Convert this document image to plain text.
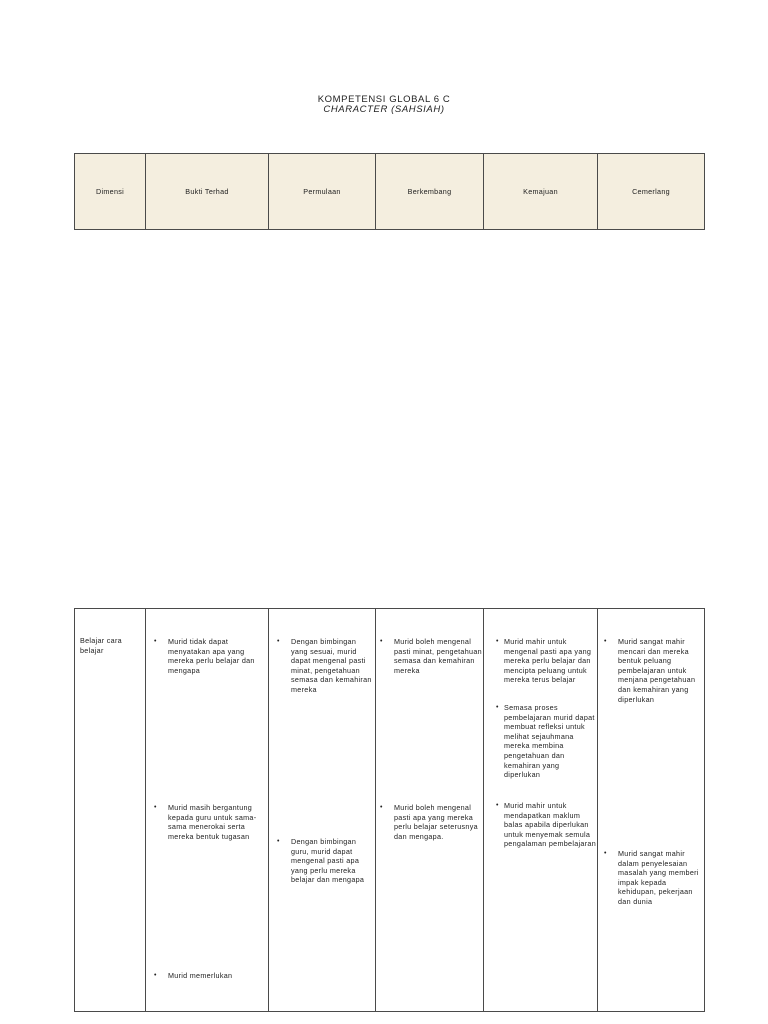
KOMPETENSI GLOBAL 6 C
CHARACTER (SAHSIAH)
Dimensi	Bukti Terhad	Permulaan	Berkembang	Kemajuan	Cemerlang
Belajar cara belajar

• Murid tidak dapat menyatakan apa yang mereka perlu belajar dan mengapa
• Murid masih bergantung kepada guru untuk sama-sama menerokai serta mereka bentuk tugasan
• Murid memerlukan

• Dengan bimbingan yang sesuai, murid dapat mengenal pasti minat, pengetahuan semasa dan kemahiran mereka
• Dengan bimbingan guru, murid dapat mengenal pasti apa yang perlu mereka belajar dan mengapa

• Murid boleh mengenal pasti minat, pengetahuan semasa dan kemahiran mereka
• Murid boleh mengenal pasti apa yang mereka perlu belajar seterusnya dan mengapa.

• Murid mahir untuk mengenal pasti apa yang mereka perlu belajar dan mencipta peluang untuk mereka terus belajar
• Semasa proses pembelajaran murid dapat membuat refleksi untuk melihat sejauhmana mereka membina pengetahuan dan kemahiran yang diperlukan
• Murid mahir untuk mendapatkan maklum balas apabila diperlukan untuk menyemak semula pengalaman pembelajaran

• Murid sangat mahir mencari dan mereka bentuk peluang pembelajaran untuk menjana pengetahuan dan kemahiran yang diperlukan
• Murid sangat mahir dalam penyelesaian masalah yang memberi impak kepada kehidupan, pekerjaan dan dunia
